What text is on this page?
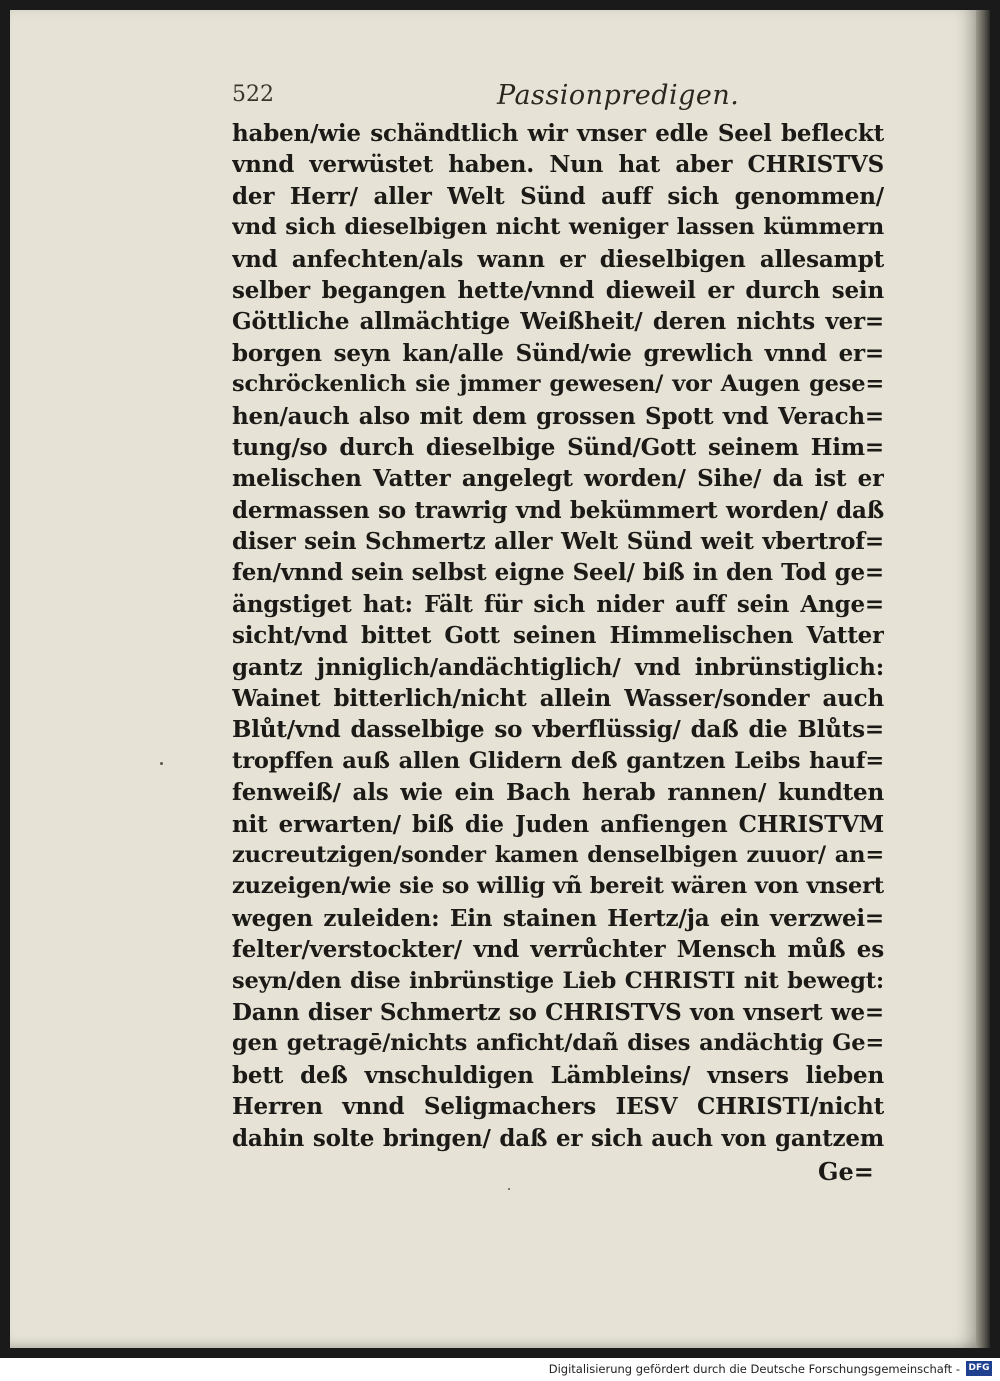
522	Passionpredigen.
haben/wie schändtlich wir vnser edle Seel befleckt
vnnd verwüstet haben. Nun hat aber CHRISTVS
der Herr/ aller Welt Sünd auff sich genommen/
vnd sich dieselbigen nicht weniger lassen kümmern
vnd anfechten/als wann er dieselbigen allesampt
selber begangen hette/vnnd dieweil er durch sein
Göttliche allmächtige Weißheit/ deren nichts ver=
borgen seyn kan/alle Sünd/wie grewlich vnnd er=
schröckenlich sie jmmer gewesen/ vor Augen gese=
hen/auch also mit dem grossen Spott vnd Verach=
tung/so durch dieselbige Sünd/Gott seinem Him=
melischen Vatter angelegt worden/ Sihe/ da ist er
dermassen so trawrig vnd bekümmert worden/ daß
diser sein Schmertz aller Welt Sünd weit vbertrof=
fen/vnnd sein selbst eigne Seel/ biß in den Tod ge=
ängstiget hat: Fält für sich nider auff sein Ange=
sicht/vnd bittet Gott seinen Himmelischen Vatter
gantz jnniglich/andächtiglich/ vnd inbrünstiglich:
Wainet bitterlich/nicht allein Wasser/sonder auch
Blůt/vnd dasselbige so vberflüssig/ daß die Blůts=
tropffen auß allen Glidern deß gantzen Leibs hauf=
fenweiß/ als wie ein Bach herab rannen/ kundten
nit erwarten/ biß die Juden anfiengen CHRISTVM
zucreutzigen/sonder kamen denselbigen zuuor/ an=
zuzeigen/wie sie so willig vñ bereit wären von vnsert
wegen zuleiden: Ein stainen Hertz/ja ein verzwei=
felter/verstockter/ vnd verrůchter Mensch můß es
seyn/den dise inbrünstige Lieb CHRISTI nit bewegt:
Dann diser Schmertz so CHRISTVS von vnsert we=
gen getragē/nichts anficht/dañ dises andächtig Ge=
bett deß vnschuldigen Lämbleins/ vnsers lieben
Herren vnnd Seligmachers IESV CHRISTI/nicht
dahin solte bringen/ daß er sich auch von gantzem
Ge=
Digitalisierung gefördert durch die Deutsche Forschungsgemeinschaft - DFG
